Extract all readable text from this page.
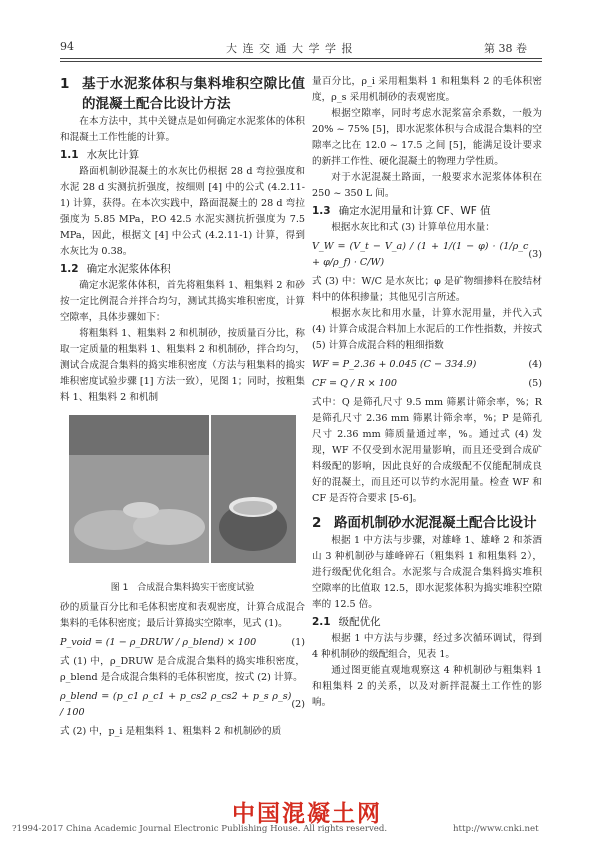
94	大 连 交 通 大 学 学 报	第 38 卷
1 基于水泥浆体积与集料堆积空隙比值的混凝土配合比设计方法

在本方法中，其中关键点是如何确定水泥浆体的体积和混凝土工作性能的计算。

1.1 水灰比计算

路面机制砂混凝土的水灰比仍根据 28 d 弯拉强度和水泥 28 d 实测抗折强度，按细则 [4] 中的公式 (4.2.11-1) 计算，获得。在本次实践中，路面混凝土的 28 d 弯拉强度为 5.85 MPa，P.O 42.5 水泥实测抗折强度为 7.5 MPa，因此，根据文 [4] 中公式 (4.2.11-1) 计算，得到水灰比为 0.38。

1.2 确定水泥浆体体积

确定水泥浆体体积，首先将粗集料 1、粗集料 2 和砂按一定比例混合并拌合均匀，测试其捣实堆积密度，计算空隙率，具体步骤如下：

将粗集料 1、粗集料 2 和机制砂，按质量百分比，称取一定质量的粗集料 1、粗集料 2 和机制砂，拌合均匀，测试合成混合集料的捣实堆积密度（方法与粗集料的捣实堆积密度试验步骤 [1] 方法一致），见图 1；同时，按粗集料 1、粗集料 2 和机制

图 1　合成混合集料捣实干密度试验

砂的质量百分比和毛体积密度和表观密度，计算合成混合集料的毛体积密度；最后计算捣实空隙率，见式 (1)。

P_void = (1 − ρ_DRUW / ρ_blend) × 100	(1)

式 (1) 中，ρ_DRUW 是合成混合集料的捣实堆积密度，ρ_blend 是合成混合集料的毛体积密度，按式 (2) 计算。

ρ_blend = (p_c1 ρ_c1 + p_cs2 ρ_cs2 + p_s ρ_s) / 100
(2)

式 (2) 中，p_i 是粗集料 1、粗集料 2 和机制砂的质

量百分比，ρ_i 采用粗集料 1 和粗集料 2 的毛体积密度，ρ_s 采用机制砂的表观密度。

根据空隙率，同时考虑水泥浆富余系数，一般为 20% ~ 75% [5]，即水泥浆体积与合成混合集料的空隙率之比在 12.0 ~ 17.5 之间 [5]，能满足设计要求的新拌工作性、硬化混凝土的物理力学性质。

对于水泥混凝土路面，一般要求水泥浆体体积在 250 ~ 350 L 间。

1.3 确定水泥用量和计算 CF、WF 值

根据水灰比和式 (3) 计算单位用水量：

V_W = (V_t − V_a) / (1 + 1/(1 − φ) · (1/ρ_c + φ/ρ_f) · C/W)
(3)

式 (3) 中：W/C 是水灰比；φ 是矿物细掺料在胶结材料中的体积掺量；其他见引言所述。

根据水灰比和用水量，计算水泥用量，并代入式 (4) 计算合成混合料加上水泥后的工作性指数，并按式 (5) 计算合成混合料的粗细指数

WF = P_2.36 + 0.045 (C − 334.9)	(4)
CF = Q / R × 100	(5)

式中：Q 是筛孔尺寸 9.5 mm 筛累计筛余率，%；R 是筛孔尺寸 2.36 mm 筛累计筛余率，%；P 是筛孔尺寸 2.36 mm 筛质量通过率，%。通过式 (4) 发现，WF 不仅受到水泥用量影响，而且还受到合成矿料级配的影响，因此良好的合成级配不仅能配制成良好的混凝土，而且还可以节约水泥用量。检查 WF 和 CF 是否符合要求 [5-6]。

2 路面机制砂水泥混凝土配合比设计

根据 1 中方法与步骤，对雄峰 1、雄峰 2 和茶酒山 3 种机制砂与雄峰碎石（粗集料 1 和粗集料 2），进行级配优化组合。水泥浆与合成混合集料捣实堆积空隙率的比值取 12.5，即水泥浆体积为捣实堆积空隙率的 12.5 倍。

2.1 级配优化

根据 1 中方法与步骤，经过多次循环调试，得到 4 种机制砂的级配组合，见表 1。

通过图更能直观地观察这 4 种机制砂与粗集料 1 和粗集料 2 的关系，以及对新拌混凝土工作性的影响。

中国混凝土网
?1994-2017 China Academic Journal Electronic Publishing House. All rights reserved.	http://www.cnki.net
